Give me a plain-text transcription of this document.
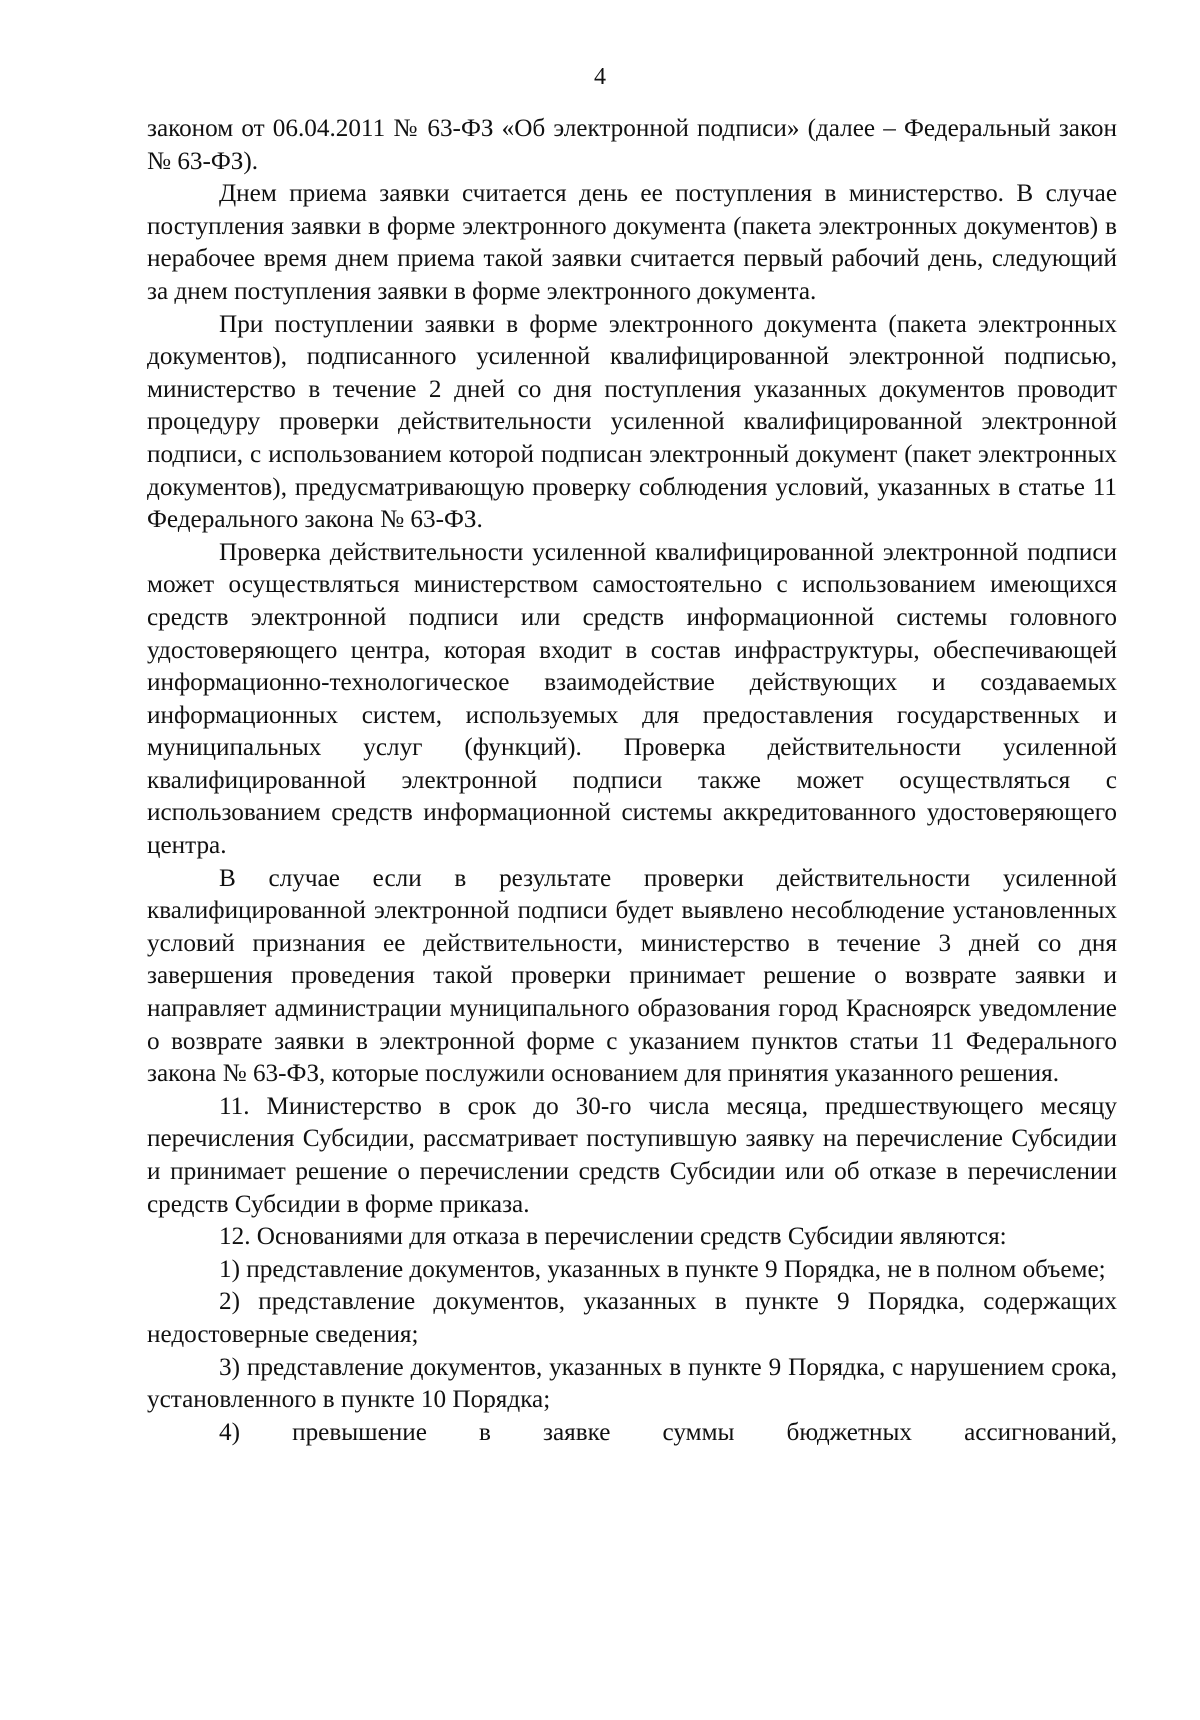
4

законом от 06.04.2011 № 63-ФЗ «Об электронной подписи» (далее – Федеральный закон № 63-ФЗ).

Днем приема заявки считается день ее поступления в министерство. В случае поступления заявки в форме электронного документа (пакета электронных документов) в нерабочее время днем приема такой заявки считается первый рабочий день, следующий за днем поступления заявки в форме электронного документа.

При поступлении заявки в форме электронного документа (пакета электронных документов), подписанного усиленной квалифицированной электронной подписью, министерство в течение 2 дней со дня поступления указанных документов проводит процедуру проверки действительности усиленной квалифицированной электронной подписи, с использованием которой подписан электронный документ (пакет электронных документов), предусматривающую проверку соблюдения условий, указанных в статье 11 Федерального закона № 63-ФЗ.

Проверка действительности усиленной квалифицированной электронной подписи может осуществляться министерством самостоятельно с использованием имеющихся средств электронной подписи или средств информационной системы головного удостоверяющего центра, которая входит в состав инфраструктуры, обеспечивающей информационно-технологическое взаимодействие действующих и создаваемых информационных систем, используемых для предоставления государственных и муниципальных услуг (функций). Проверка действительности усиленной квалифицированной электронной подписи также может осуществляться с использованием средств информационной системы аккредитованного удостоверяющего центра.

В случае если в результате проверки действительности усиленной квалифицированной электронной подписи будет выявлено несоблюдение установленных условий признания ее действительности, министерство в течение 3 дней со дня завершения проведения такой проверки принимает решение о возврате заявки и направляет администрации муниципального образования город Красноярск уведомление о возврате заявки в электронной форме с указанием пунктов статьи 11 Федерального закона № 63-ФЗ, которые послужили основанием для принятия указанного решения.

11. Министерство в срок до 30-го числа месяца, предшествующего месяцу перечисления Субсидии, рассматривает поступившую заявку на перечисление Субсидии и принимает решение о перечислении средств Субсидии или об отказе в перечислении средств Субсидии в форме приказа.

12. Основаниями для отказа в перечислении средств Субсидии являются:

1) представление документов, указанных в пункте 9 Порядка, не в полном объеме;

2) представление документов, указанных в пункте 9 Порядка, содержащих недостоверные сведения;

3) представление документов, указанных в пункте 9 Порядка, с нарушением срока, установленного в пункте 10 Порядка;

4) превышение в заявке суммы бюджетных ассигнований,
